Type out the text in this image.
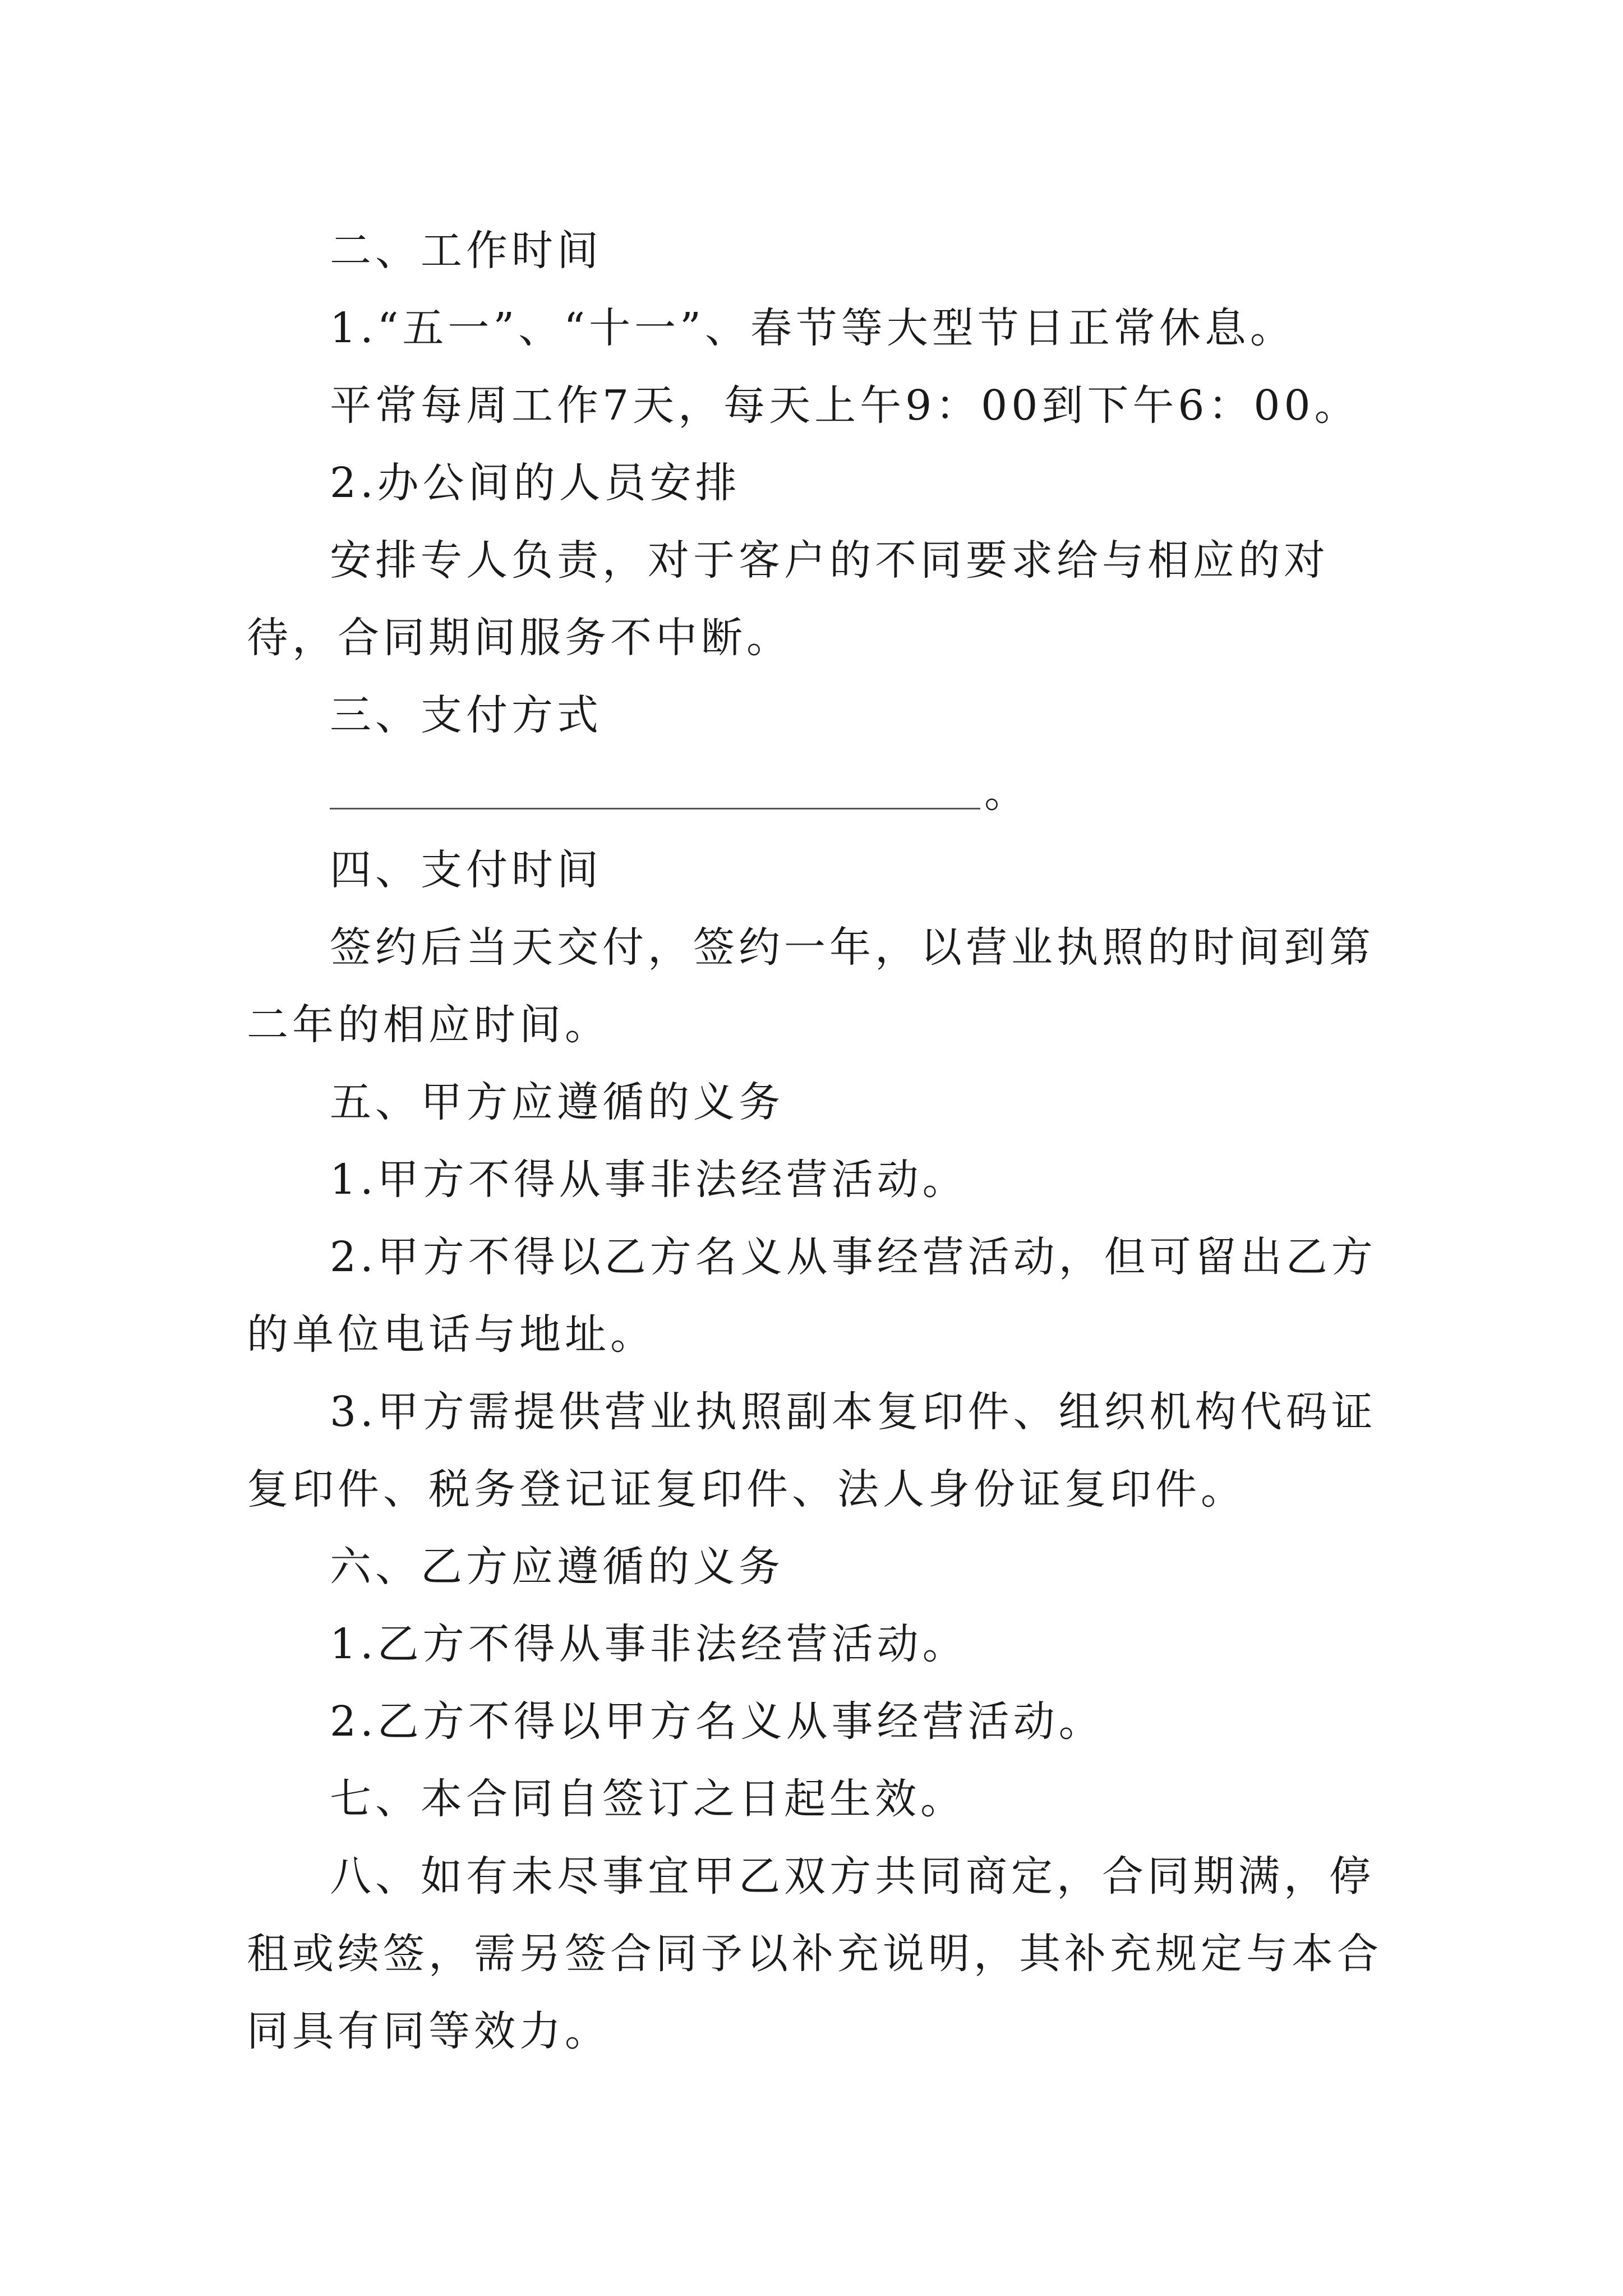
二、工作时间

1.“五一”、“十一”、春节等大型节日正常休息。

平常每周工作7天，每天上午9：00到下午6：00。

2.办公间的人员安排

安排专人负责，对于客户的不同要求给与相应的对待，合同期间服务不中断。

三、支付方式

。

四、支付时间

签约后当天交付，签约一年，以营业执照的时间到第二年的相应时间。

五、甲方应遵循的义务

1.甲方不得从事非法经营活动。

2.甲方不得以乙方名义从事经营活动，但可留出乙方的单位电话与地址。

3.甲方需提供营业执照副本复印件、组织机构代码证复印件、税务登记证复印件、法人身份证复印件。

六、乙方应遵循的义务

1.乙方不得从事非法经营活动。

2.乙方不得以甲方名义从事经营活动。

七、本合同自签订之日起生效。

八、如有未尽事宜甲乙双方共同商定，合同期满，停租或续签，需另签合同予以补充说明，其补充规定与本合同具有同等效力。
